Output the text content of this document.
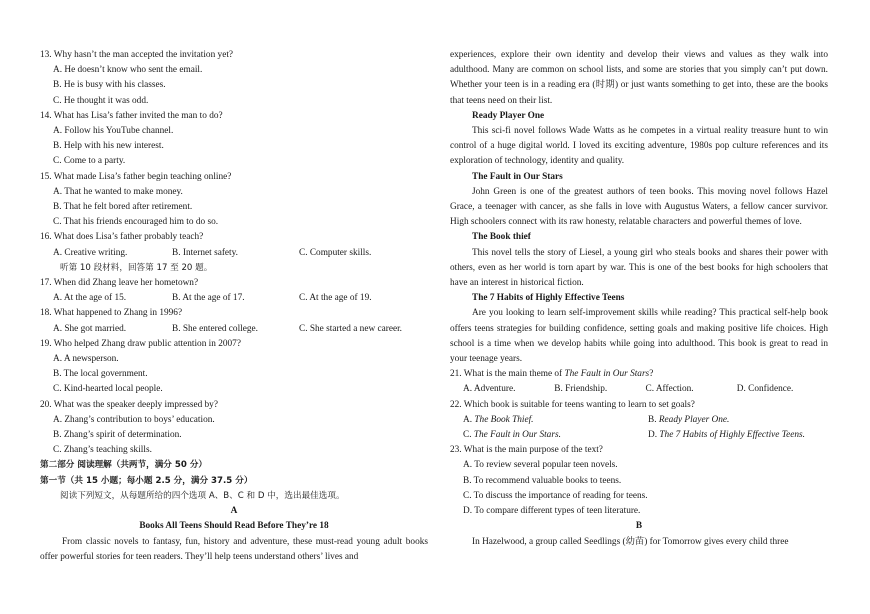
13. Why hasn’t the man accepted the invitation yet?
A. He doesn’t know who sent the email.
B. He is busy with his classes.
C. He thought it was odd.
14. What has Lisa’s father invited the man to do?
A. Follow his YouTube channel.
B. Help with his new interest.
C. Come to a party.
15. What made Lisa’s father begin teaching online?
A. That he wanted to make money.
B. That he felt bored after retirement.
C. That his friends encouraged him to do so.
16. What does Lisa’s father probably teach?
A. Creative writing.	B. Internet safety.	C. Computer skills.
听第 10 段材料，回答第 17 至 20 题。
17. When did Zhang leave her hometown?
A. At the age of 15.	B. At the age of 17.	C. At the age of 19.
18. What happened to Zhang in 1996?
A. She got married.	B. She entered college.	C. She started a new career.
19. Who helped Zhang draw public attention in 2007?
A. A newsperson.
B. The local government.
C. Kind-hearted local people.
20. What was the speaker deeply impressed by?
A. Zhang’s contribution to boys’ education.
B. Zhang’s spirit of determination.
C. Zhang’s teaching skills.
第二部分 阅读理解（共两节，满分 50 分）
第一节（共 15 小题；每小题 2.5 分，满分 37.5 分）
阅读下列短文，从每题所给的四个选项 A、B、C 和 D 中，选出最佳选项。
A
Books All Teens Should Read Before They’re 18
From classic novels to fantasy, fun, history and adventure, these must-read young adult books offer powerful stories for teen readers. They’ll help teens understand others’ lives and
experiences, explore their own identity and develop their views and values as they walk into adulthood. Many are common on school lists, and some are stories that you simply can’t put down. Whether your teen is in a reading era (时期) or just wants something to get into, these are the books that teens need on their list.
Ready Player One
This sci-fi novel follows Wade Watts as he competes in a virtual reality treasure hunt to win control of a huge digital world. I loved its exciting adventure, 1980s pop culture references and its exploration of technology, identity and quality.
The Fault in Our Stars
John Green is one of the greatest authors of teen books. This moving novel follows Hazel Grace, a teenager with cancer, as she falls in love with Augustus Waters, a fellow cancer survivor. High schoolers connect with its raw honesty, relatable characters and powerful themes of love.
The Book thief
This novel tells the story of Liesel, a young girl who steals books and shares their power with others, even as her world is torn apart by war. This is one of the best books for high schoolers that have an interest in historical fiction.
The 7 Habits of Highly Effective Teens
Are you looking to learn self-improvement skills while reading? This practical self-help book offers teens strategies for building confidence, setting goals and making positive life choices. High school is a time when we develop habits while going into adulthood. This book is great to read in your teenage years.
21. What is the main theme of The Fault in Our Stars?
A. Adventure.	B. Friendship.	C. Affection.	D. Confidence.
22. Which book is suitable for teens wanting to learn to set goals?
A. The Book Thief.	B. Ready Player One.
C. The Fault in Our Stars.	D. The 7 Habits of Highly Effective Teens.
23. What is the main purpose of the text?
A. To review several popular teen novels.
B. To recommend valuable books to teens.
C. To discuss the importance of reading for teens.
D. To compare different types of teen literature.
B
In Hazelwood, a group called Seedlings (幼苗) for Tomorrow gives every child three
